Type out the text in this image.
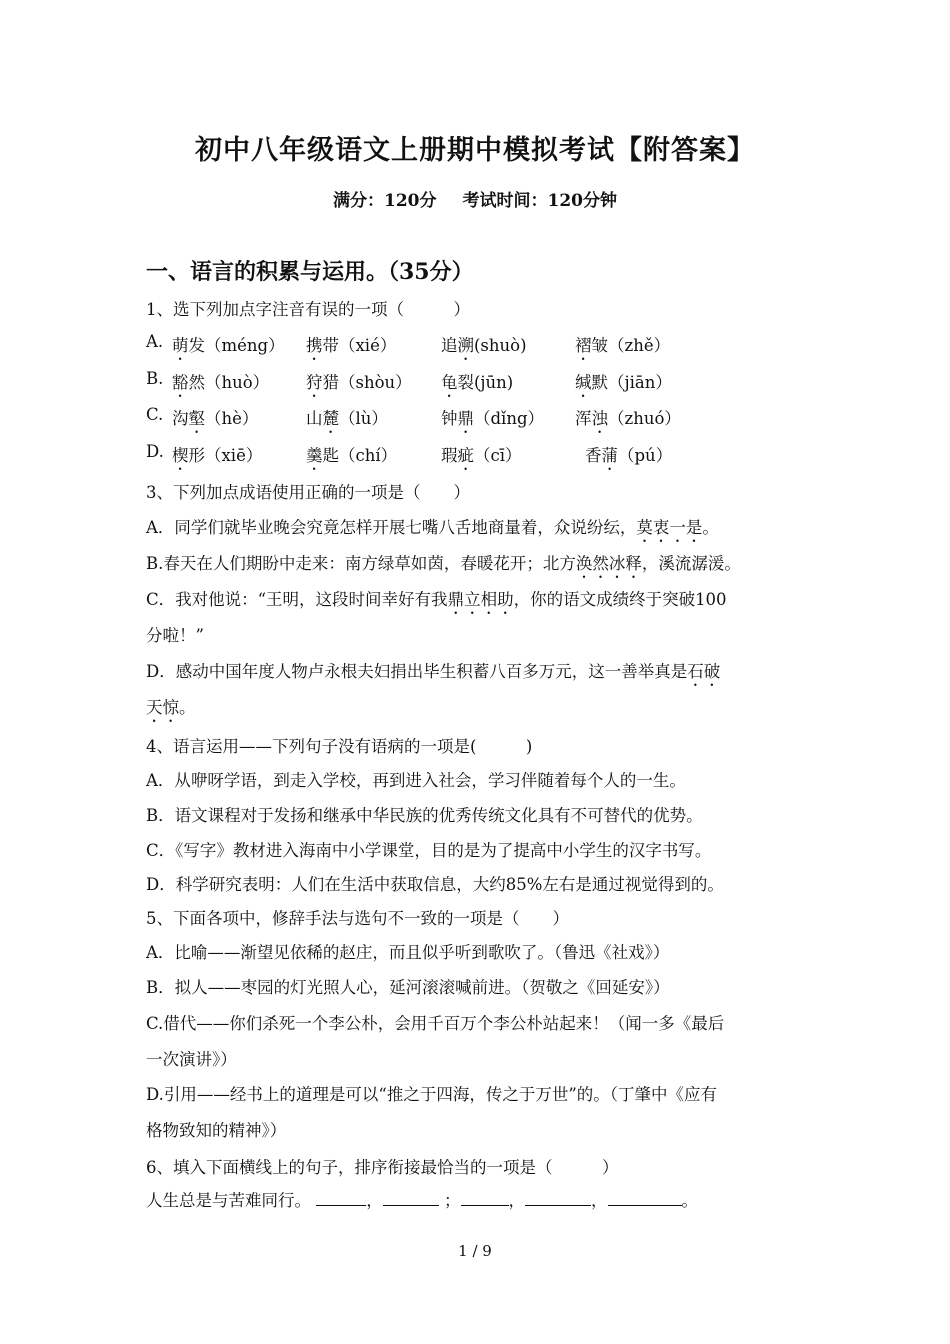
初中八年级语文上册期中模拟考试【附答案】
满分：120分 考试时间：120分钟
一、语言的积累与运用。（35分）
1、选下列加点字注音有误的一项（　　　）
A. 萌发（méng） 携带（xié）	追溯(shuò)	褶皱（zhě）
B. 豁然（huò） 狩猎（shòu） 龟裂(jūn)	缄默（jiān）
C. 沟壑（hè）	山麓（lù）	钟鼎（dǐng） 浑浊（zhuó）
D. 楔形（xiē）	羹匙（chí）	瑕疵（cī）	香蒲（pú）
3、下列加点成语使用正确的一项是（　　）
A．同学们就毕业晚会究竟怎样开展七嘴八舌地商量着，众说纷纭，莫衷一是。
B.春天在人们期盼中走来：南方绿草如茵，春暖花开；北方涣然冰释，溪流潺湲。
C．我对他说：“王明，这段时间幸好有我鼎立相助，你的语文成绩终于突破100
分啦！”
D．感动中国年度人物卢永根夫妇捐出毕生积蓄八百多万元，这一善举真是石破
天惊。
4、语言运用——下列句子没有语病的一项是(　　　)
A．从咿呀学语，到走入学校，再到进入社会，学习伴随着每个人的一生。
B．语文课程对于发扬和继承中华民族的优秀传统文化具有不可替代的优势。
C．《写字》教材进入海南中小学课堂，目的是为了提高中小学生的汉字书写。
D．科学研究表明：人们在生活中获取信息，大约85%左右是通过视觉得到的。
5、下面各项中，修辞手法与选句不一致的一项是（　　）
A．比喻——渐望见依稀的赵庄，而且似乎听到歌吹了。（鲁迅《社戏》）
B．拟人——枣园的灯光照人心，延河滚滚喊前进。（贺敬之《回延安》）
C.借代——你们杀死一个李公朴，会用千百万个李公朴站起来！（闻一多《最后
一次演讲》）
D.引用——经书上的道理是可以“推之于四海，传之于万世”的。（丁肇中《应有
格物致知的精神》）
6、填入下面横线上的句子，排序衔接最恰当的一项是（　　　）
人生总是与苦难同行。	，	；	，	，	。
1 / 9
